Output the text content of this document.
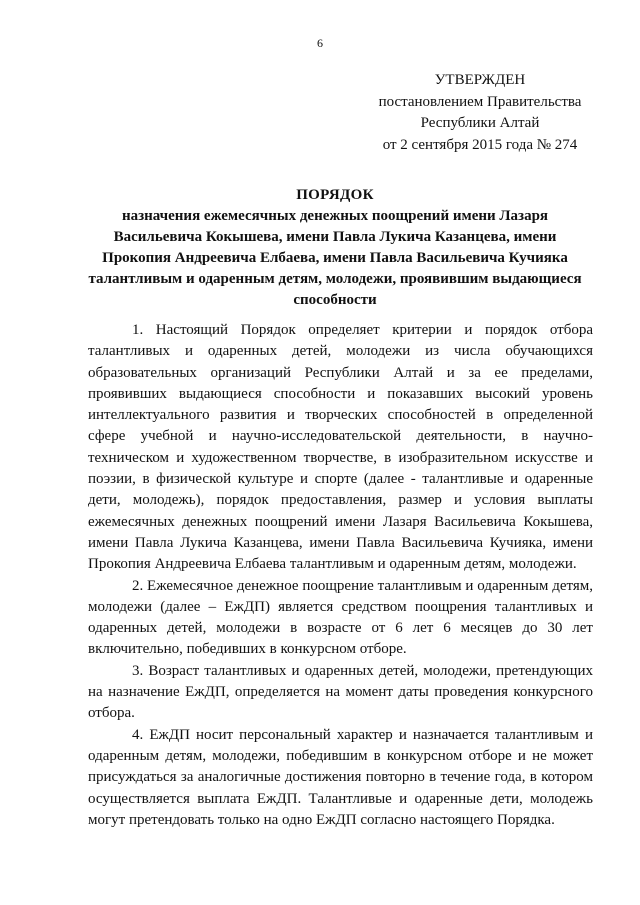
6
УТВЕРЖДЕН
постановлением Правительства
Республики Алтай
от 2 сентября 2015 года № 274
ПОРЯДОК
назначения ежемесячных денежных поощрений имени Лазаря Васильевича Кокышева, имени Павла Лукича Казанцева, имени Прокопия Андреевича Елбаева, имени Павла Васильевича Кучияка талантливым и одаренным детям, молодежи, проявившим выдающиеся способности

1. Настоящий Порядок определяет критерии и порядок отбора талантливых и одаренных детей, молодежи из числа обучающихся образовательных организаций Республики Алтай и за ее пределами, проявивших выдающиеся способности и показавших высокий уровень интеллектуального развития и творческих способностей в определенной сфере учебной и научно-исследовательской деятельности, в научно-техническом и художественном творчестве, в изобразительном искусстве и поэзии, в физической культуре и спорте (далее - талантливые и одаренные дети, молодежь), порядок предоставления, размер и условия выплаты ежемесячных денежных поощрений имени Лазаря Васильевича Кокышева, имени Павла Лукича Казанцева, имени Павла Васильевича Кучияка, имени Прокопия Андреевича Елбаева талантливым и одаренным детям, молодежи.

2. Ежемесячное денежное поощрение талантливым и одаренным детям, молодежи (далее – ЕжДП) является средством поощрения талантливых и одаренных детей, молодежи в возрасте от 6 лет 6 месяцев до 30 лет включительно, победивших в конкурсном отборе.

3. Возраст талантливых и одаренных детей, молодежи, претендующих на назначение ЕжДП, определяется на момент даты проведения конкурсного отбора.

4. ЕжДП носит персональный характер и назначается талантливым и одаренным детям, молодежи, победившим в конкурсном отборе и не может присуждаться за аналогичные достижения повторно в течение года, в котором осуществляется выплата ЕжДП. Талантливые и одаренные дети, молодежь могут претендовать только на одно ЕжДП согласно настоящего Порядка.
